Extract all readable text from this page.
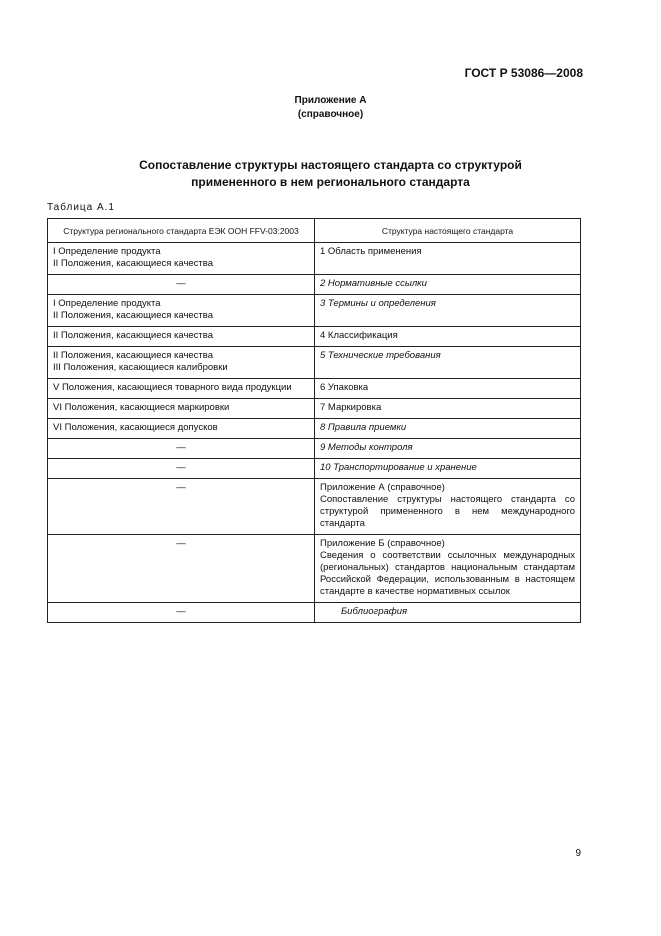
ГОСТ Р 53086—2008
Приложение А
(справочное)
Сопоставление структуры настоящего стандарта со структурой
примененного в нем регионального стандарта
Таблица А.1
Структура регионального стандарта ЕЭК ООН FFV-03:2003	Структура настоящего стандарта

I Определение продукта
II Положения, касающиеся качества	1 Область применения
—	2 Нормативные ссылки

I Определение продукта
II Положения, касающиеся качества	3 Термины и определения
II Положения, касающиеся качества	4 Классификация

II Положения, касающиеся качества
III Положения, касающиеся калибровки	5 Технические требования
V Положения, касающиеся товарного вида продукции	6 Упаковка
VI Положения, касающиеся маркировки	7 Маркировка
VI Положения, касающиеся допусков	8 Правила приемки
—	9 Методы контроля
—	10 Транспортирование и хранение
—	Приложение А (справочное)
Сопоставление структуры настоящего стандарта со структурой примененного в нем международного стандарта

—	Приложение Б (справочное)
Сведения о соответствии ссылочных международных (региональных) стандартов национальным стандартам Российской Федерации, использованным в настоящем стандарте в качестве нормативных ссылок

—	Библиография
9
